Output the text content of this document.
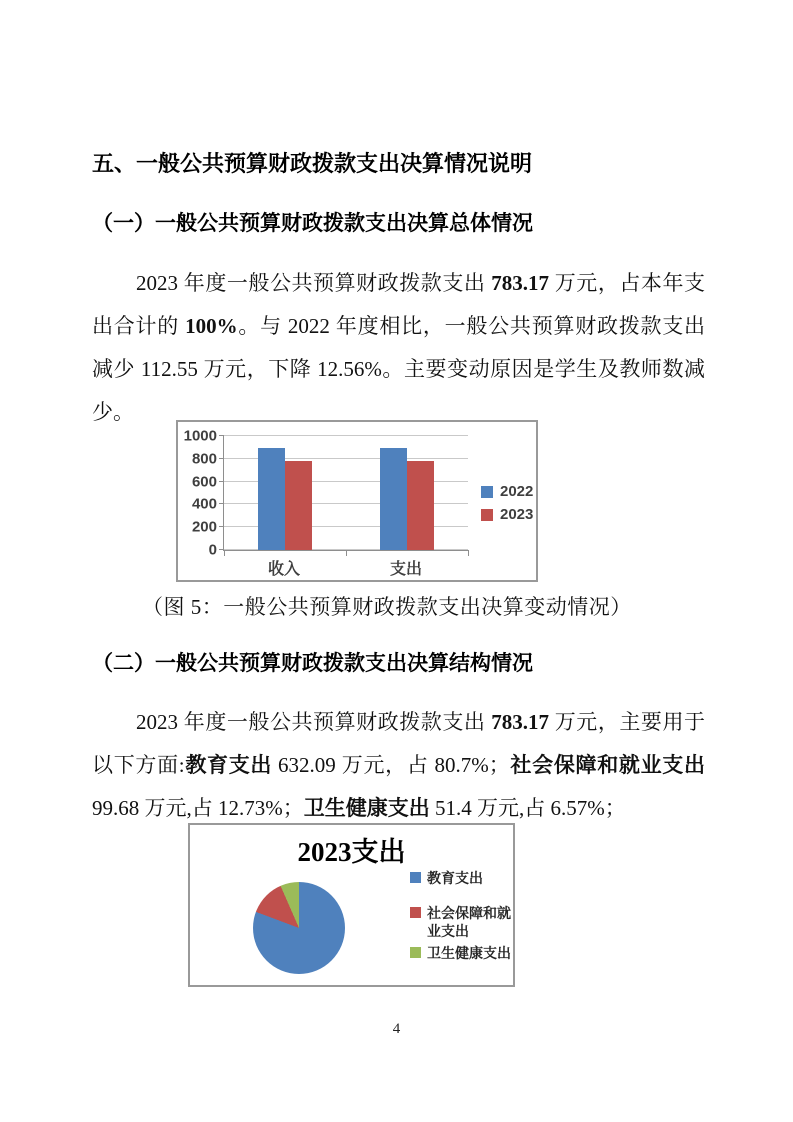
五、一般公共预算财政拨款支出决算情况说明
（一）一般公共预算财政拨款支出决算总体情况

2023 年度一般公共预算财政拨款支出 783.17 万元，占本年支出合计的 100%。与 2022 年度相比，一般公共预算财政拨款支出减少 112.55 万元，下降 12.56%。主要变动原因是学生及教师数减少。

0
200
400
600
800
1000
收入	支出
2022
2023
（图 5：一般公共预算财政拨款支出决算变动情况）
（二）一般公共预算财政拨款支出决算结构情况

2023 年度一般公共预算财政拨款支出 783.17 万元，主要用于以下方面:教育支出 632.09 万元，占 80.7%；社会保障和就业支出 99.68 万元,占 12.73%；卫生健康支出 51.4 万元,占 6.57%；

2023支出
教育支出
社会保障和就业支出
卫生健康支出
4
